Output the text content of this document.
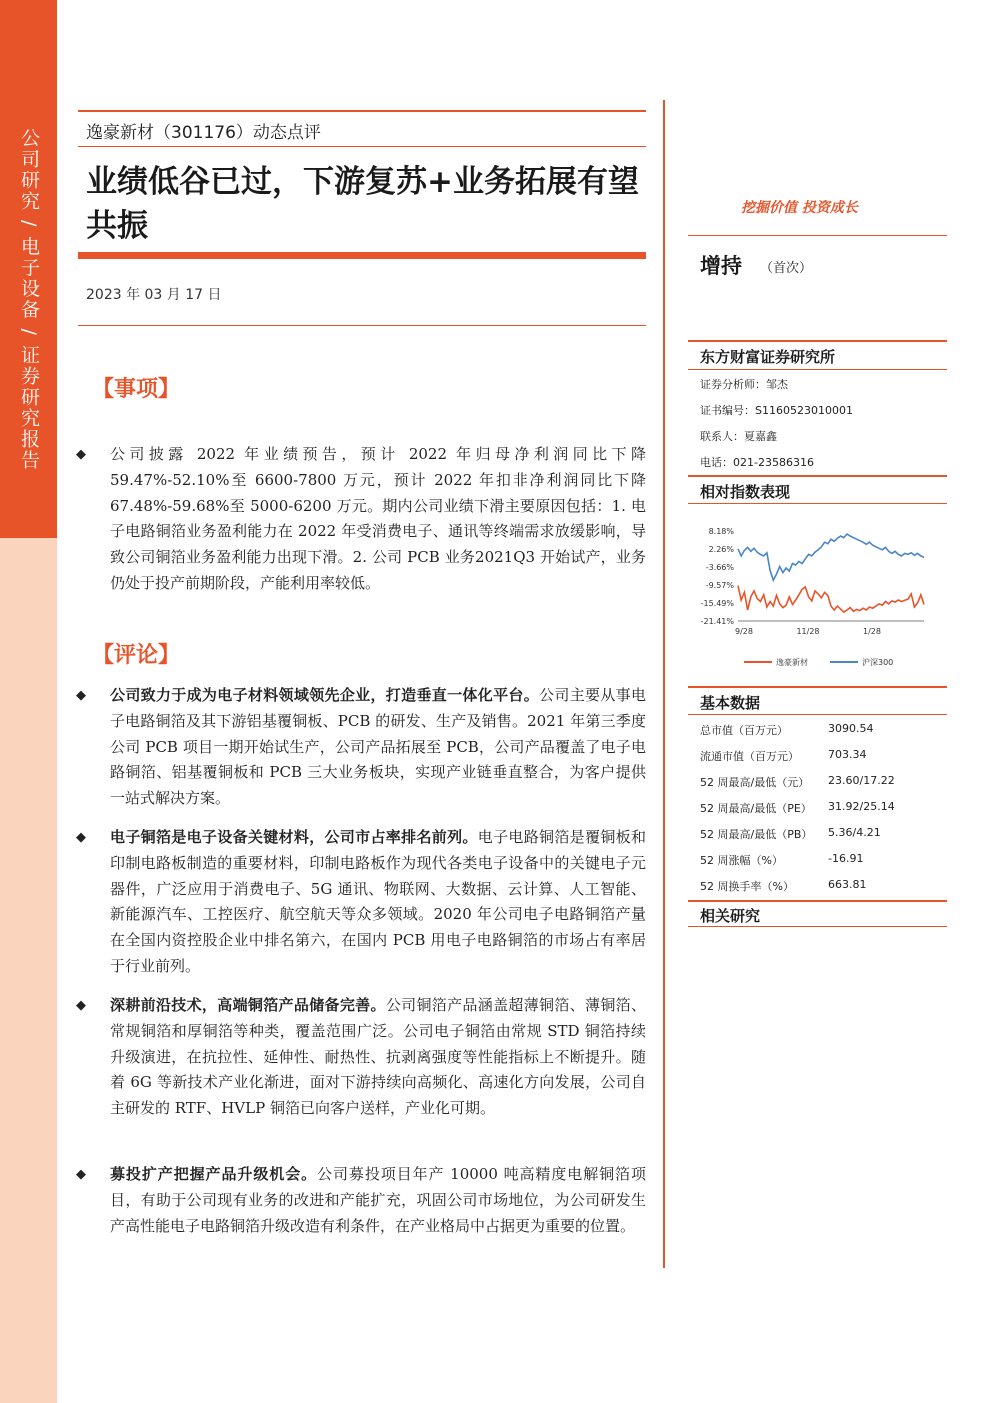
公司研究 / 电子设备 / 证券研究报告	逸豪新材（301176）动态点评
业绩低谷已过，下游复苏+业务拓展有望共振
2023 年 03 月 17 日
【事项】
◆ 公司披露 2022 年业绩预告，预计 2022 年归母净利润同比下降59.47%-52.10%至 6600-7800 万元，预计 2022 年扣非净利润同比下降67.48%-59.68%至 5000-6200 万元。期内公司业绩下滑主要原因包括：1. 电子电路铜箔业务盈利能力在 2022 年受消费电子、通讯等终端需求放缓影响，导致公司铜箔业务盈利能力出现下滑。2. 公司 PCB 业务2021Q3 开始试产，业务仍处于投产前期阶段，产能利用率较低。
【评论】
◆ 公司致力于成为电子材料领域领先企业，打造垂直一体化平台。公司主要从事电子电路铜箔及其下游铝基覆铜板、PCB 的研发、生产及销售。2021 年第三季度公司 PCB 项目一期开始试生产，公司产品拓展至 PCB，公司产品覆盖了电子电路铜箔、铝基覆铜板和 PCB 三大业务板块，实现产业链垂直整合，为客户提供一站式解决方案。
◆ 电子铜箔是电子设备关键材料，公司市占率排名前列。电子电路铜箔是覆铜板和印制电路板制造的重要材料，印制电路板作为现代各类电子设备中的关键电子元器件，广泛应用于消费电子、5G 通讯、物联网、大数据、云计算、人工智能、新能源汽车、工控医疗、航空航天等众多领域。2020 年公司电子电路铜箔产量在全国内资控股企业中排名第六，在国内 PCB 用电子电路铜箔的市场占有率居于行业前列。
◆ 深耕前沿技术，高端铜箔产品储备完善。公司铜箔产品涵盖超薄铜箔、薄铜箔、常规铜箔和厚铜箔等种类，覆盖范围广泛。公司电子铜箔由常规 STD 铜箔持续升级演进，在抗拉性、延伸性、耐热性、抗剥离强度等性能指标上不断提升。随着 6G 等新技术产业化渐进，面对下游持续向高频化、高速化方向发展，公司自主研发的 RTF、HVLP 铜箔已向客户送样，产业化可期。
◆ 募投扩产把握产品升级机会。公司募投项目年产 10000 吨高精度电解铜箔项目，有助于公司现有业务的改进和产能扩充，巩固公司市场地位，为公司研发生产高性能电子电路铜箔升级改造有利条件，在产业格局中占据更为重要的位置。
挖掘价值 投资成长
增持 （首次）
东方财富证券研究所
证券分析师：邹杰
证书编号：S1160523010001
联系人：夏嘉鑫
电话：021-23586316
相对指数表现
8.18%
2.26%
-3.66%
-9.57%
-15.49%
-21.41%
9/28	11/28	1/28
逸豪新材	沪深300
基本数据
总市值（百万元）	3090.54
流通市值（百万元）	703.34
52 周最高/最低（元） 23.60/17.22
52 周最高/最低（PE） 31.92/25.14
52 周最高/最低（PB） 5.36/4.21
52 周涨幅（%）	-16.91
52 周换手率（%）	663.81
相关研究
